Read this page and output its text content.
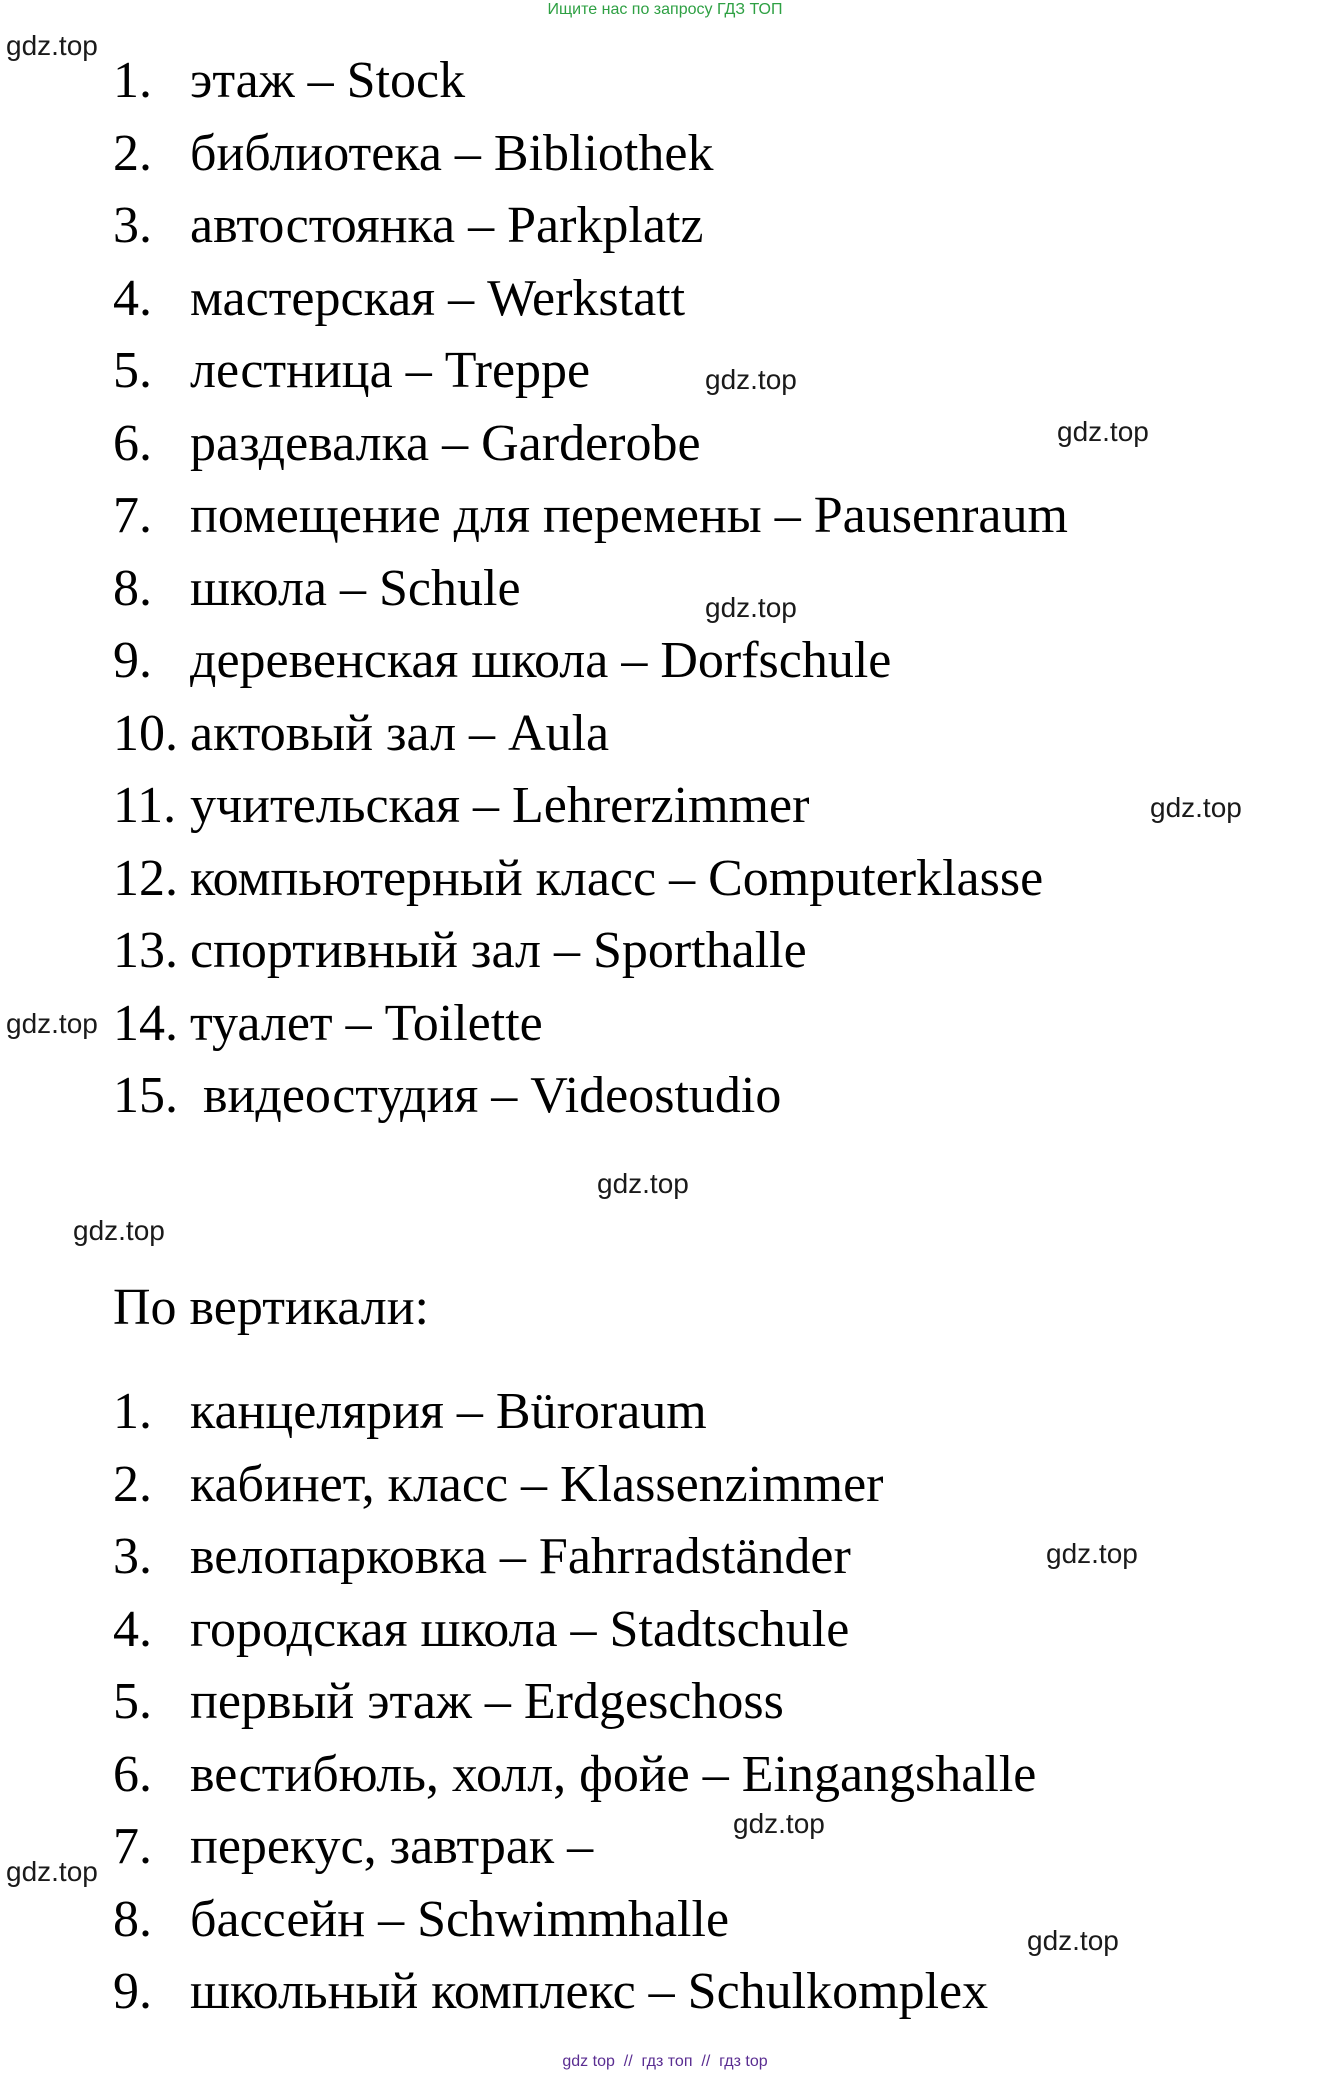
Ищите нас по запросу ГДЗ ТОП
1. этаж – Stock
2. библиотека – Bibliothek
3. автостоянка – Parkplatz
4. мастерская – Werkstatt
5. лестница – Treppe
6. раздевалка – Garderobe
7. помещение для перемены – Pausenraum
8. школа – Schule
9. деревенская школа – Dorfschule
10. актовый зал – Aula
11. учительская – Lehrerzimmer
12. компьютерный класс – Computerklasse
13. спортивный зал – Sporthalle
14. туалет – Toilette
15. видеостудия – Videostudio
По вертикали:
1. канцелярия – Büroraum
2. кабинет, класс – Klassenzimmer
3. велопарковка – Fahrradständer
4. городская школа – Stadtschule
5. первый этаж – Erdgeschoss
6. вестибюль, холл, фойе – Eingangshalle
7. перекус, завтрак –
8. бассейн – Schwimmhalle
9. школьный комплекс – Schulkomplex
gdz.top
gdz.top
gdz.top
gdz.top
gdz.top
gdz.top
gdz.top
gdz.top
gdz.top
gdz.top
gdz.top
gdz.top
gdz top  //  гдз топ  //  гдз top
